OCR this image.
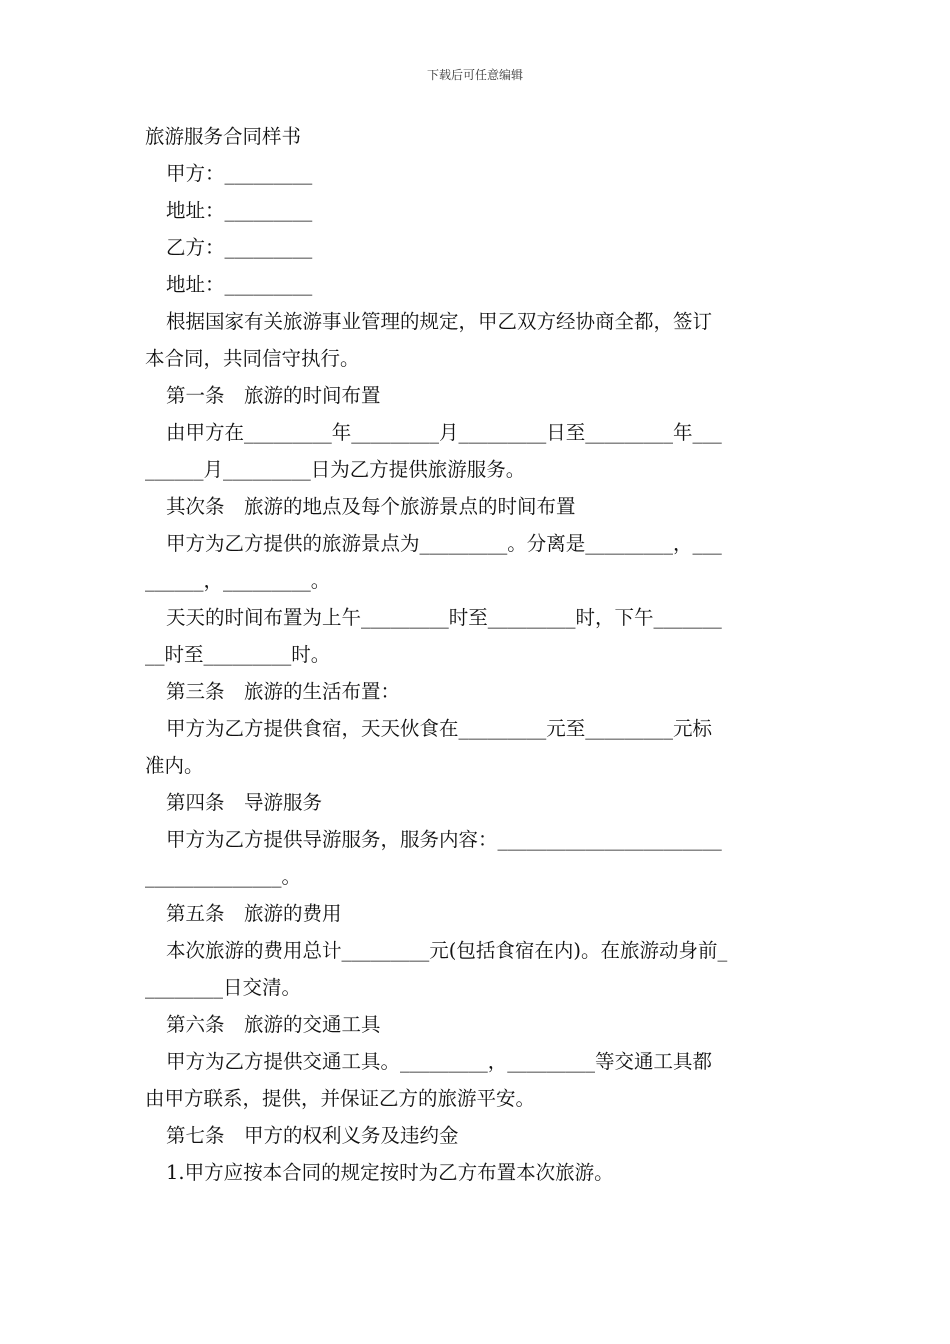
下载后可任意编辑
旅游服务合同样书
甲方：_________
地址：_________
乙方：_________
地址：_________
根据国家有关旅游事业管理的规定，甲乙双方经协商全都，签订
本合同，共同信守执行。
第一条　旅游的时间布置
由甲方在_________年_________月_________日至_________年___
______月_________日为乙方提供旅游服务。
其次条　旅游的地点及每个旅游景点的时间布置
甲方为乙方提供的旅游景点为_________。分离是_________，___
______，_________。
天天的时间布置为上午_________时至_________时，下午_______
__时至_________时。
第三条　旅游的生活布置：
甲方为乙方提供食宿，天天伙食在_________元至_________元标
准内。
第四条　导游服务
甲方为乙方提供导游服务，服务内容：_______________________
______________。
第五条　旅游的费用
本次旅游的费用总计_________元(包括食宿在内)。在旅游动身前_
________日交清。
第六条　旅游的交通工具
甲方为乙方提供交通工具。_________，_________等交通工具都
由甲方联系，提供，并保证乙方的旅游平安。
第七条　甲方的权利义务及违约金
1.甲方应按本合同的规定按时为乙方布置本次旅游。
